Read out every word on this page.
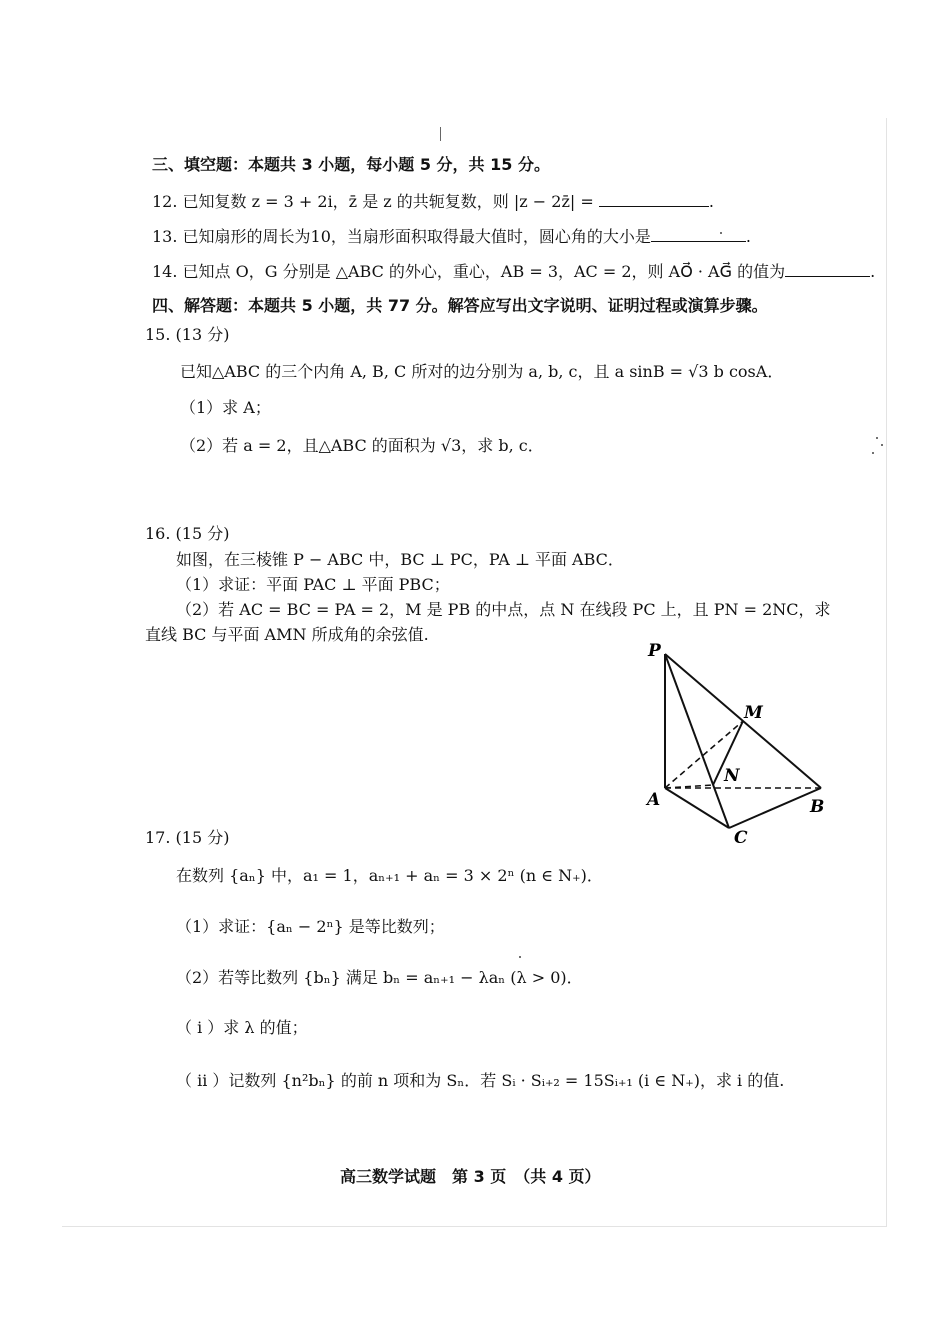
三、填空题：本题共 3 小题，每小题 5 分，共 15 分。
12. 已知复数 z = 3 + 2i，z̄ 是 z 的共轭复数，则 |z − 2z̄| =	.
13. 已知扇形的周长为10，当扇形面积取得最大值时，圆心角的大小是	.
14. 已知点 O，G 分别是 △ABC 的外心，重心，AB = 3，AC = 2，则 AO⃗ · AG⃗ 的值为	.
四、解答题：本题共 5 小题，共 77 分。解答应写出文字说明、证明过程或演算步骤。
15. (13 分)
已知△ABC 的三个内角 A, B, C 所对的边分别为 a, b, c，且 a sinB = √3 b cosA．
（1）求 A；
（2）若 a = 2，且△ABC 的面积为 √3，求 b, c．
16. (15 分)
如图，在三棱锥 P − ABC 中，BC ⊥ PC，PA ⊥ 平面 ABC．
（1）求证：平面 PAC ⊥ 平面 PBC；
（2）若 AC = BC = PA = 2，M 是 PB 的中点，点 N 在线段 PC 上，且 PN = 2NC，求
直线 BC 与平面 AMN 所成角的余弦值.
P
M
N
A	B
C
17. (15 分)
在数列 {aₙ} 中，a₁ = 1，aₙ₊₁ + aₙ = 3 × 2ⁿ (n ∈ N₊)．
（1）求证：{aₙ − 2ⁿ} 是等比数列；
（2）若等比数列 {bₙ} 满足 bₙ = aₙ₊₁ − λaₙ (λ > 0)．
（ i ）求 λ 的值；
（ ii ）记数列 {n²bₙ} 的前 n 项和为 Sₙ．若 Sᵢ · Sᵢ₊₂ = 15Sᵢ₊₁ (i ∈ N₊)，求 i 的值.
高三数学试题　第 3 页　（共 4 页）
